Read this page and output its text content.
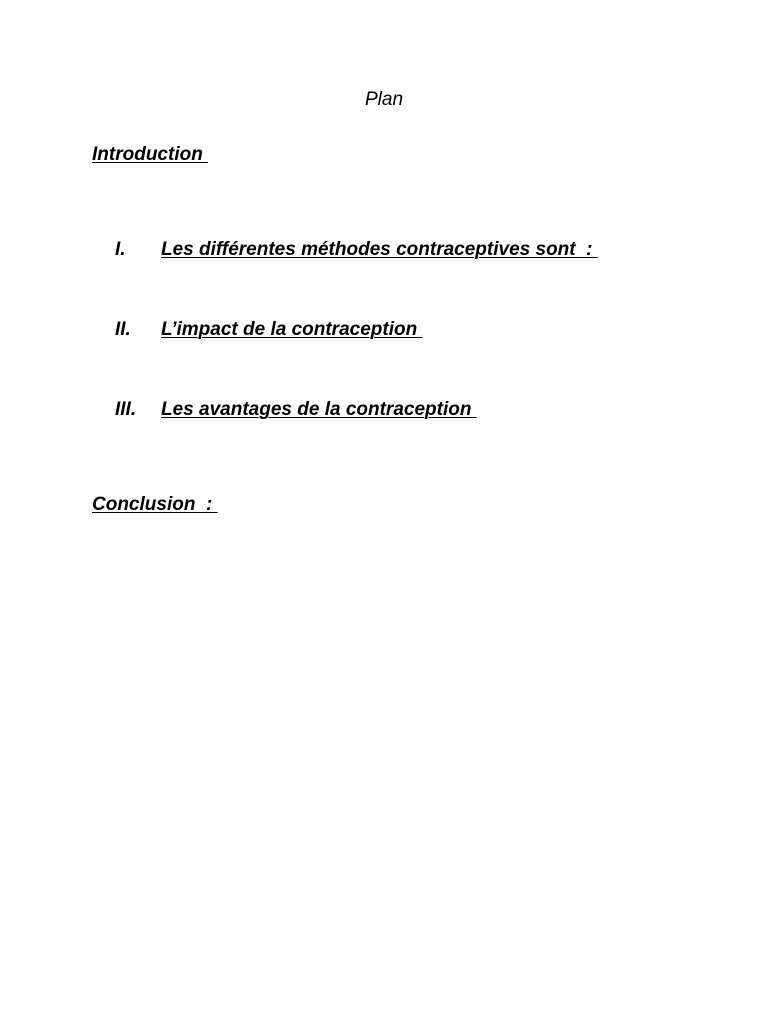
Plan
Introduction
I.	Les différentes méthodes contraceptives sont  :
II.	L’impact de la contraception
III.	Les avantages de la contraception
Conclusion  :
